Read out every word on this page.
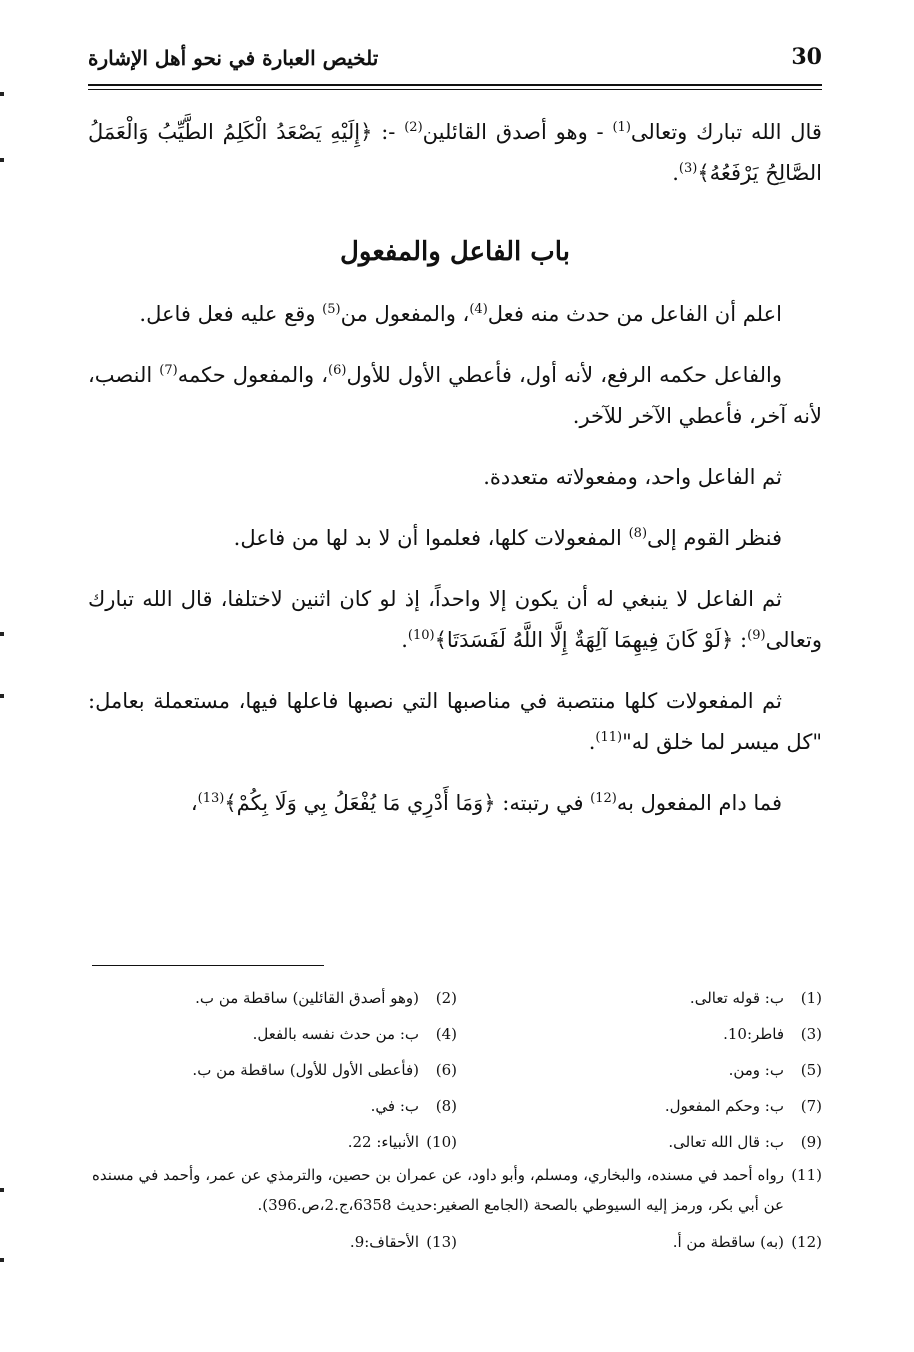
30
تلخيص العبارة في نحو أهل الإشارة

قال الله تبارك وتعالى$^{(1)}$ - وهو أصدق القائلين$^{(2)}$ -: ﴿إِلَيْهِ يَصْعَدُ الْكَلِمُ الطَّيِّبُ وَالْعَمَلُ الصَّالِحُ يَرْفَعُهُ﴾$^{(3)}$.

باب الفاعل والمفعول

اعلم أن الفاعل من حدث منه فعل$^{(4)}$، والمفعول من$^{(5)}$ وقع عليه فعل فاعل.

والفاعل حكمه الرفع، لأنه أول، فأعطي الأول للأول$^{(6)}$، والمفعول حكمه$^{(7)}$ النصب، لأنه آخر، فأعطي الآخر للآخر.

ثم الفاعل واحد، ومفعولاته متعددة.

فنظر القوم إلى$^{(8)}$ المفعولات كلها، فعلموا أن لا بد لها من فاعل.

ثم الفاعل لا ينبغي له أن يكون إلا واحداً، إذ لو كان اثنين لاختلفا، قال الله تبارك وتعالى$^{(9)}$: ﴿لَوْ كَانَ فِيهِمَا آلِهَةٌ إِلَّا اللَّهُ لَفَسَدَتَا﴾$^{(10)}$.

ثم المفعولات كلها منتصبة في مناصبها التي نصبها فاعلها فيها، مستعملة بعامل: "كل ميسر لما خلق له"$^{(11)}$.

فما دام المفعول به$^{(12)}$ في رتبته: ﴿وَمَا أَدْرِي مَا يُفْعَلُ بِي وَلَا بِكُمْ﴾$^{(13)}$،

(1)
ب: قوله تعالى.
(2)
(وهو أصدق القائلين) ساقطة من ب.
(3)
فاطر:10.
(4)
ب: من حدث نفسه بالفعل.
(5)
ب: ومن.
(6)
(فأعطى الأول للأول) ساقطة من ب.
(7)
ب: وحكم المفعول.
(8)
ب: في.
(9)
ب: قال الله تعالى.
(10)
الأنبياء: 22.
(11)
رواه أحمد في مسنده، والبخاري، ومسلم، وأبو داود، عن عمران بن حصين، والترمذي عن عمر، وأحمد في مسنده عن أبي بكر، ورمز إليه السيوطي بالصحة (الجامع الصغير:حديث 6358،ج.2،ص.396).
(12)
(به) ساقطة من أ.
(13)
الأحقاف:9.
